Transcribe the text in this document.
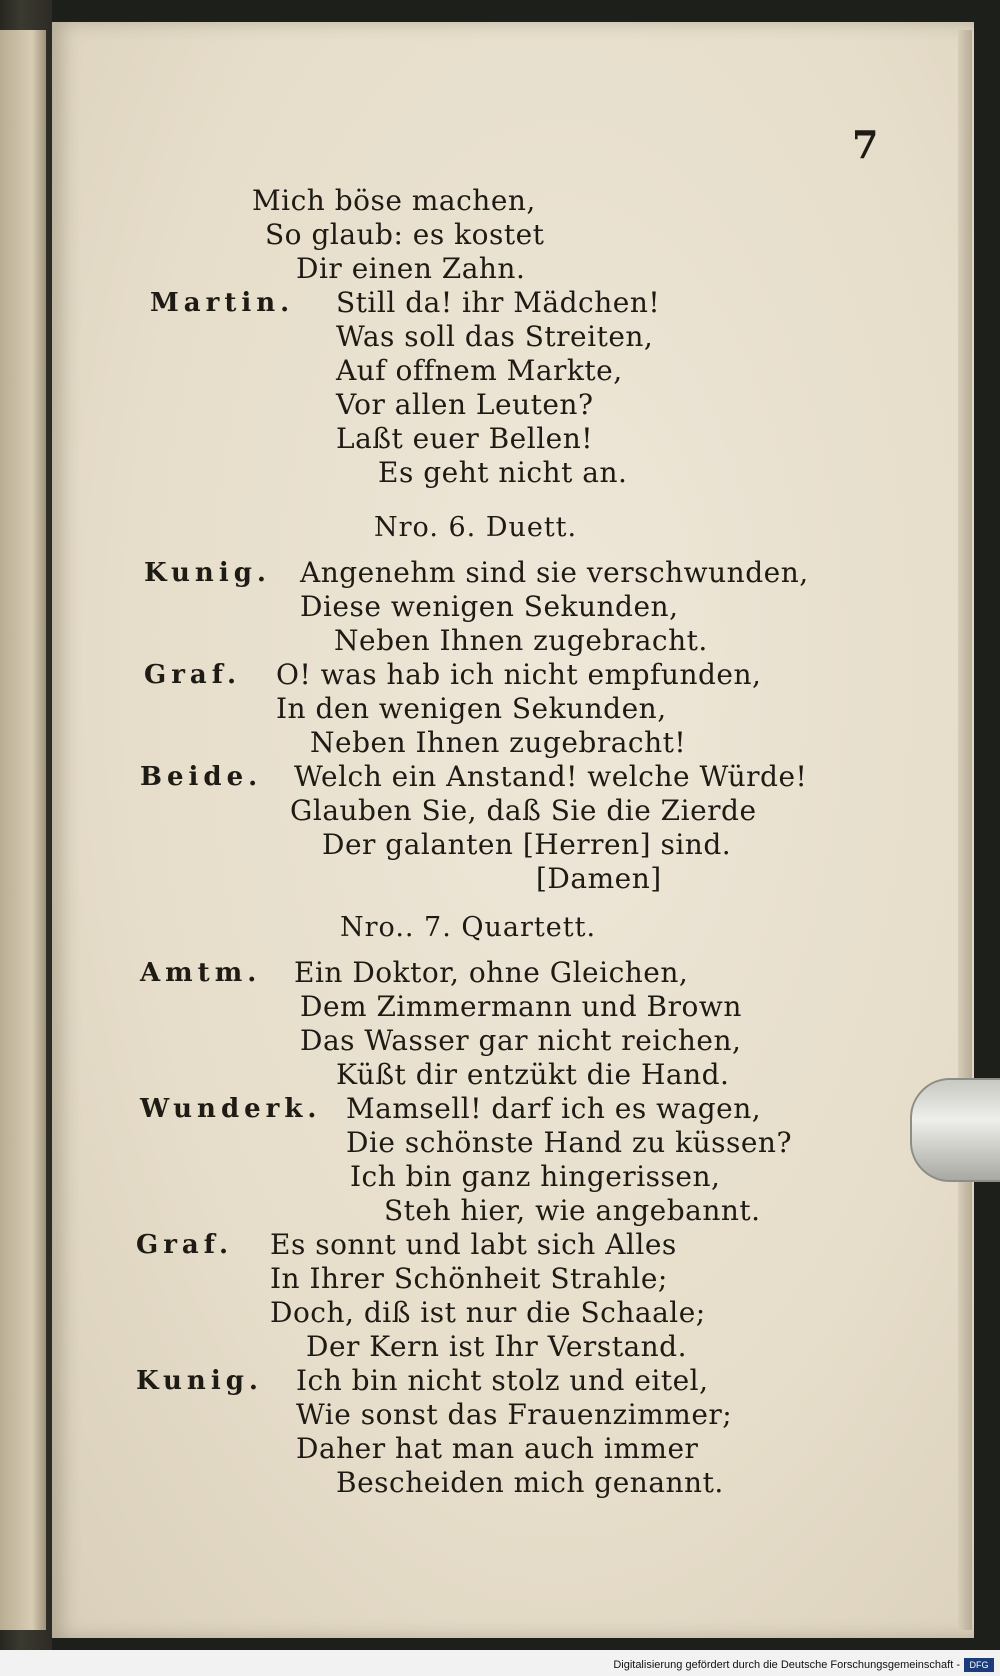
7
Mich böse machen,
So glaub: es kostet
Dir einen Zahn.
Martin. Still da! ihr Mädchen!
Was soll das Streiten,
Auf offnem Markte,
Vor allen Leuten?
Laßt euer Bellen!
Es geht nicht an.
Nro. 6. Duett.
Kunig. Angenehm sind sie verschwunden,
Diese wenigen Sekunden,
Neben Ihnen zugebracht.
Graf. O! was hab ich nicht empfunden,
In den wenigen Sekunden,
Neben Ihnen zugebracht!
Beide. Welch ein Anstand! welche Würde!
Glauben Sie, daß Sie die Zierde
Der galanten [Herren] sind.
[Damen]
Nro.. 7. Quartett.
Amtm. Ein Doktor, ohne Gleichen,
Dem Zimmermann und Brown
Das Wasser gar nicht reichen,
Küßt dir entzükt die Hand.
Wunderk. Mamsell! darf ich es wagen,
Die schönste Hand zu küssen?
Ich bin ganz hingerissen,
Steh hier, wie angebannt.
Graf. Es sonnt und labt sich Alles
In Ihrer Schönheit Strahle;
Doch, diß ist nur die Schaale;
Der Kern ist Ihr Verstand.
Kunig. Ich bin nicht stolz und eitel,
Wie sonst das Frauenzimmer;
Daher hat man auch immer
Bescheiden mich genannt.
Digitalisierung gefördert durch die Deutsche Forschungsgemeinschaft -	DFG
